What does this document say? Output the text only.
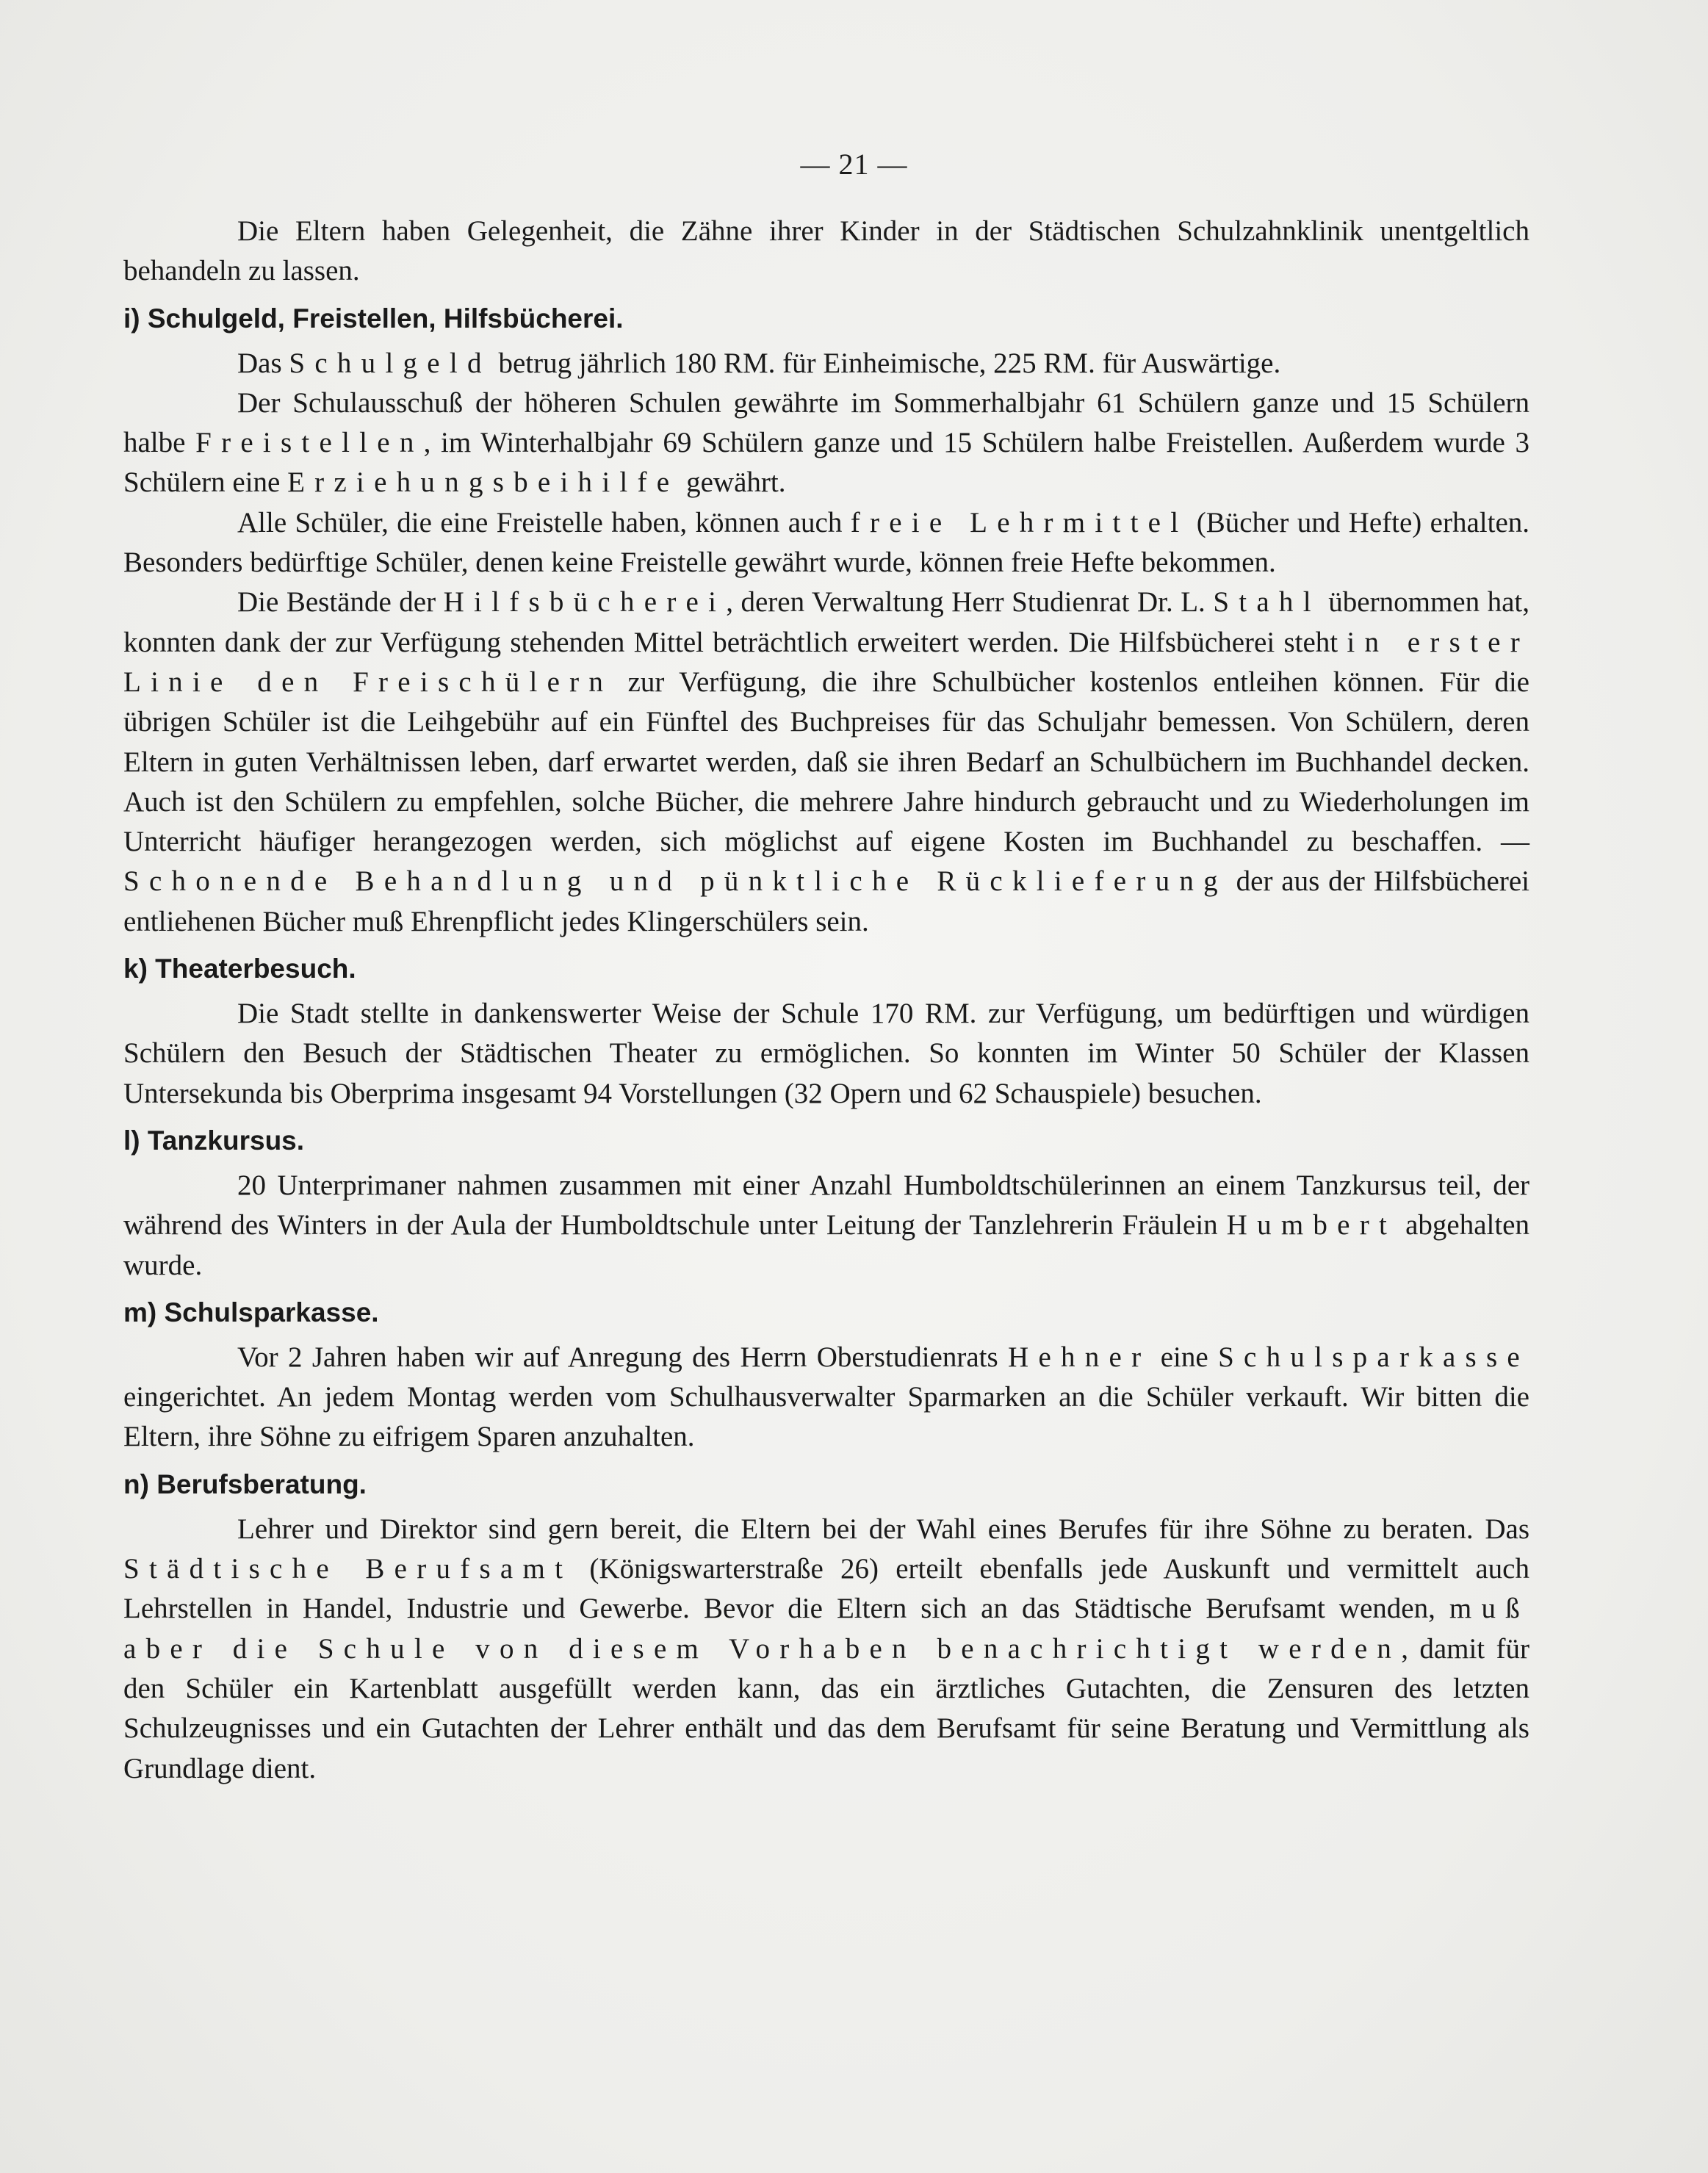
— 21 —

Die Eltern haben Gelegenheit, die Zähne ihrer Kinder in der Städtischen Schulzahnklinik unentgeltlich behandeln zu lassen.

i) Schulgeld, Freistellen, Hilfsbücherei.

Das Schulgeld betrug jährlich 180 RM. für Einheimische, 225 RM. für Auswärtige.

Der Schulausschuß der höheren Schulen gewährte im Sommerhalbjahr 61 Schülern ganze und 15 Schülern halbe Freistellen, im Winterhalbjahr 69 Schülern ganze und 15 Schülern halbe Freistellen. Außerdem wurde 3 Schülern eine Erziehungsbeihilfe gewährt.

Alle Schüler, die eine Freistelle haben, können auch freie Lehrmittel (Bücher und Hefte) erhalten. Besonders bedürftige Schüler, denen keine Freistelle gewährt wurde, können freie Hefte bekommen.

Die Bestände der Hilfsbücherei, deren Verwaltung Herr Studienrat Dr. L. Stahl übernommen hat, konnten dank der zur Verfügung stehenden Mittel beträchtlich erweitert werden. Die Hilfsbücherei steht in erster Linie den Freischülern zur Verfügung, die ihre Schulbücher kostenlos entleihen können. Für die übrigen Schüler ist die Leihgebühr auf ein Fünftel des Buchpreises für das Schuljahr bemessen. Von Schülern, deren Eltern in guten Verhältnissen leben, darf erwartet werden, daß sie ihren Bedarf an Schulbüchern im Buchhandel decken. Auch ist den Schülern zu empfehlen, solche Bücher, die mehrere Jahre hindurch gebraucht und zu Wiederholungen im Unterricht häufiger herangezogen werden, sich möglichst auf eigene Kosten im Buchhandel zu beschaffen. — Schonende Behandlung und pünktliche Rücklieferung der aus der Hilfsbücherei entliehenen Bücher muß Ehrenpflicht jedes Klingerschülers sein.

k) Theaterbesuch.

Die Stadt stellte in dankenswerter Weise der Schule 170 RM. zur Verfügung, um bedürftigen und würdigen Schülern den Besuch der Städtischen Theater zu ermöglichen. So konnten im Winter 50 Schüler der Klassen Untersekunda bis Oberprima insgesamt 94 Vorstellungen (32 Opern und 62 Schauspiele) besuchen.

l) Tanzkursus.

20 Unterprimaner nahmen zusammen mit einer Anzahl Humboldtschülerinnen an einem Tanzkursus teil, der während des Winters in der Aula der Humboldtschule unter Leitung der Tanzlehrerin Fräulein Humbert abgehalten wurde.

m) Schulsparkasse.

Vor 2 Jahren haben wir auf Anregung des Herrn Oberstudienrats Hehner eine Schulsparkasse eingerichtet. An jedem Montag werden vom Schulhausverwalter Sparmarken an die Schüler verkauft. Wir bitten die Eltern, ihre Söhne zu eifrigem Sparen anzuhalten.

n) Berufsberatung.

Lehrer und Direktor sind gern bereit, die Eltern bei der Wahl eines Berufes für ihre Söhne zu beraten. Das Städtische Berufsamt (Königswarterstraße 26) erteilt ebenfalls jede Auskunft und vermittelt auch Lehrstellen in Handel, Industrie und Gewerbe. Bevor die Eltern sich an das Städtische Berufsamt wenden, muß aber die Schule von diesem Vorhaben benachrichtigt werden, damit für den Schüler ein Kartenblatt ausgefüllt werden kann, das ein ärztliches Gutachten, die Zensuren des letzten Schulzeugnisses und ein Gutachten der Lehrer enthält und das dem Berufsamt für seine Beratung und Vermittlung als Grundlage dient.
